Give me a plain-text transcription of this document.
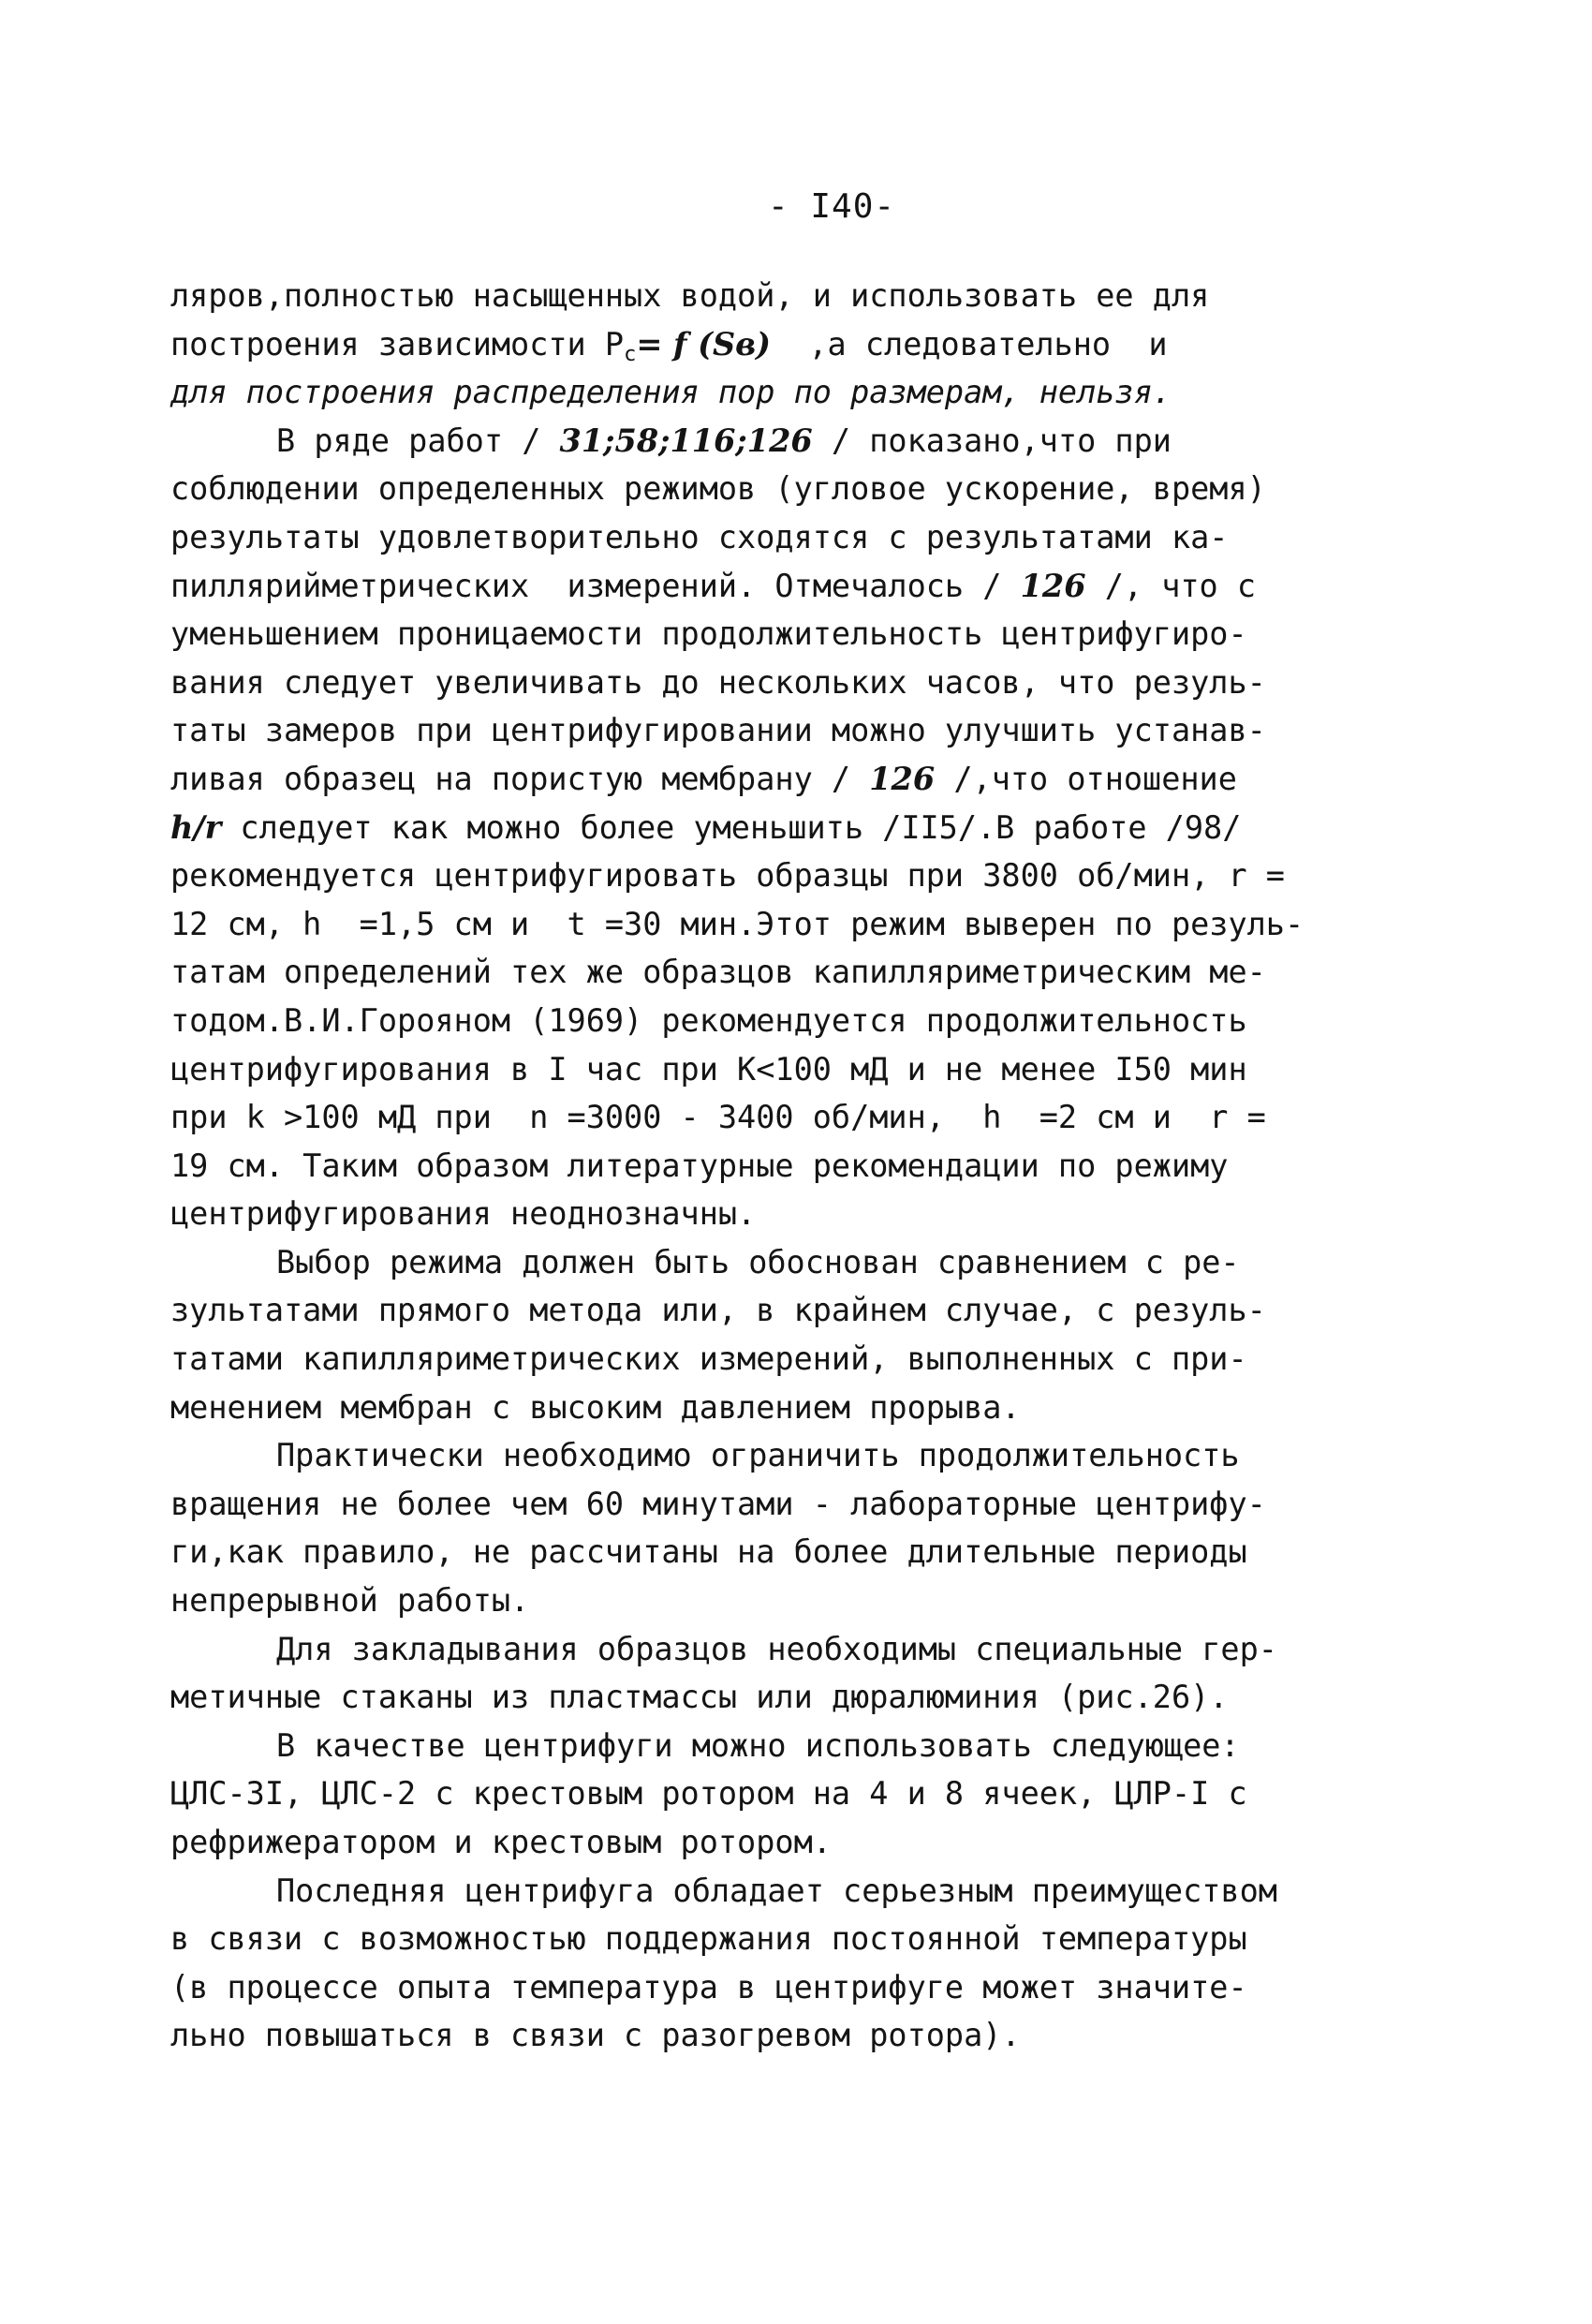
- I40-
ляров,полностью насыщенных водой, и использовать ее для
построения зависимости $P_c= f$ (Sв)  ,а следовательно  и
для построения распределения пор по размерам, нельзя.
В ряде работ / 31;58;116;126 / показано,что при
соблюдении определенных режимов (угловое ускорение, время)
результаты удовлетворительно сходятся с результатами ка-
пиллярийметрических  измерений. Отмечалось / 126 /, что с
уменьшением проницаемости продолжительность центрифугиро-
вания следует увеличивать до нескольких часов, что резуль-
таты замеров при центрифугировании можно улучшить устанав-
ливая образец на пористую мембрану / 126 /,что отношение
h/r следует как можно более уменьшить /II5/.В работе /98/
рекомендуется центрифугировать образцы при 3800 об/мин, r =
12 см, h  =1,5 см и  t =30 мин.Этот режим выверен по резуль-
татам определений тех же образцов капилляриметрическим ме-
тодом.В.И.Гороянoм (1969) рекомендуется продолжительность
центрифугирования в I час при K<100 мД и не менее I50 мин
при k >100 мД при  n =3000 - 3400 об/мин,  h  =2 см и  r =
19 см. Таким образом литературные рекомендации по режиму
центрифугирования неоднозначны.
Выбор режима должен быть обоснован сравнением с ре-
зультатами прямого метода или, в крайнем случае, с резуль-
татами капилляриметрических измерений, выполненных с при-
менением мембран с высоким давлением прорыва.
Практически необходимо ограничить продолжительность
вращения не более чем 60 минутами - лабораторные центрифу-
ги,как правило, не рассчитаны на более длительные периоды
непрерывной работы.
Для закладывания образцов необходимы специальные гер-
метичные стаканы из пластмассы или дюралюминия (рис.26).
В качестве центрифуги можно использовать следующее:
ЦЛС-3I, ЦЛС-2 с крестовым ротором на 4 и 8 ячеек, ЦЛР-I с
рефрижератором и крестовым ротором.
Последняя центрифуга обладает серьезным преимуществом
в связи с возможностью поддержания постоянной температуры
(в процессе опыта температура в центрифуге может значите-
льно повышаться в связи с разогревом ротора).
